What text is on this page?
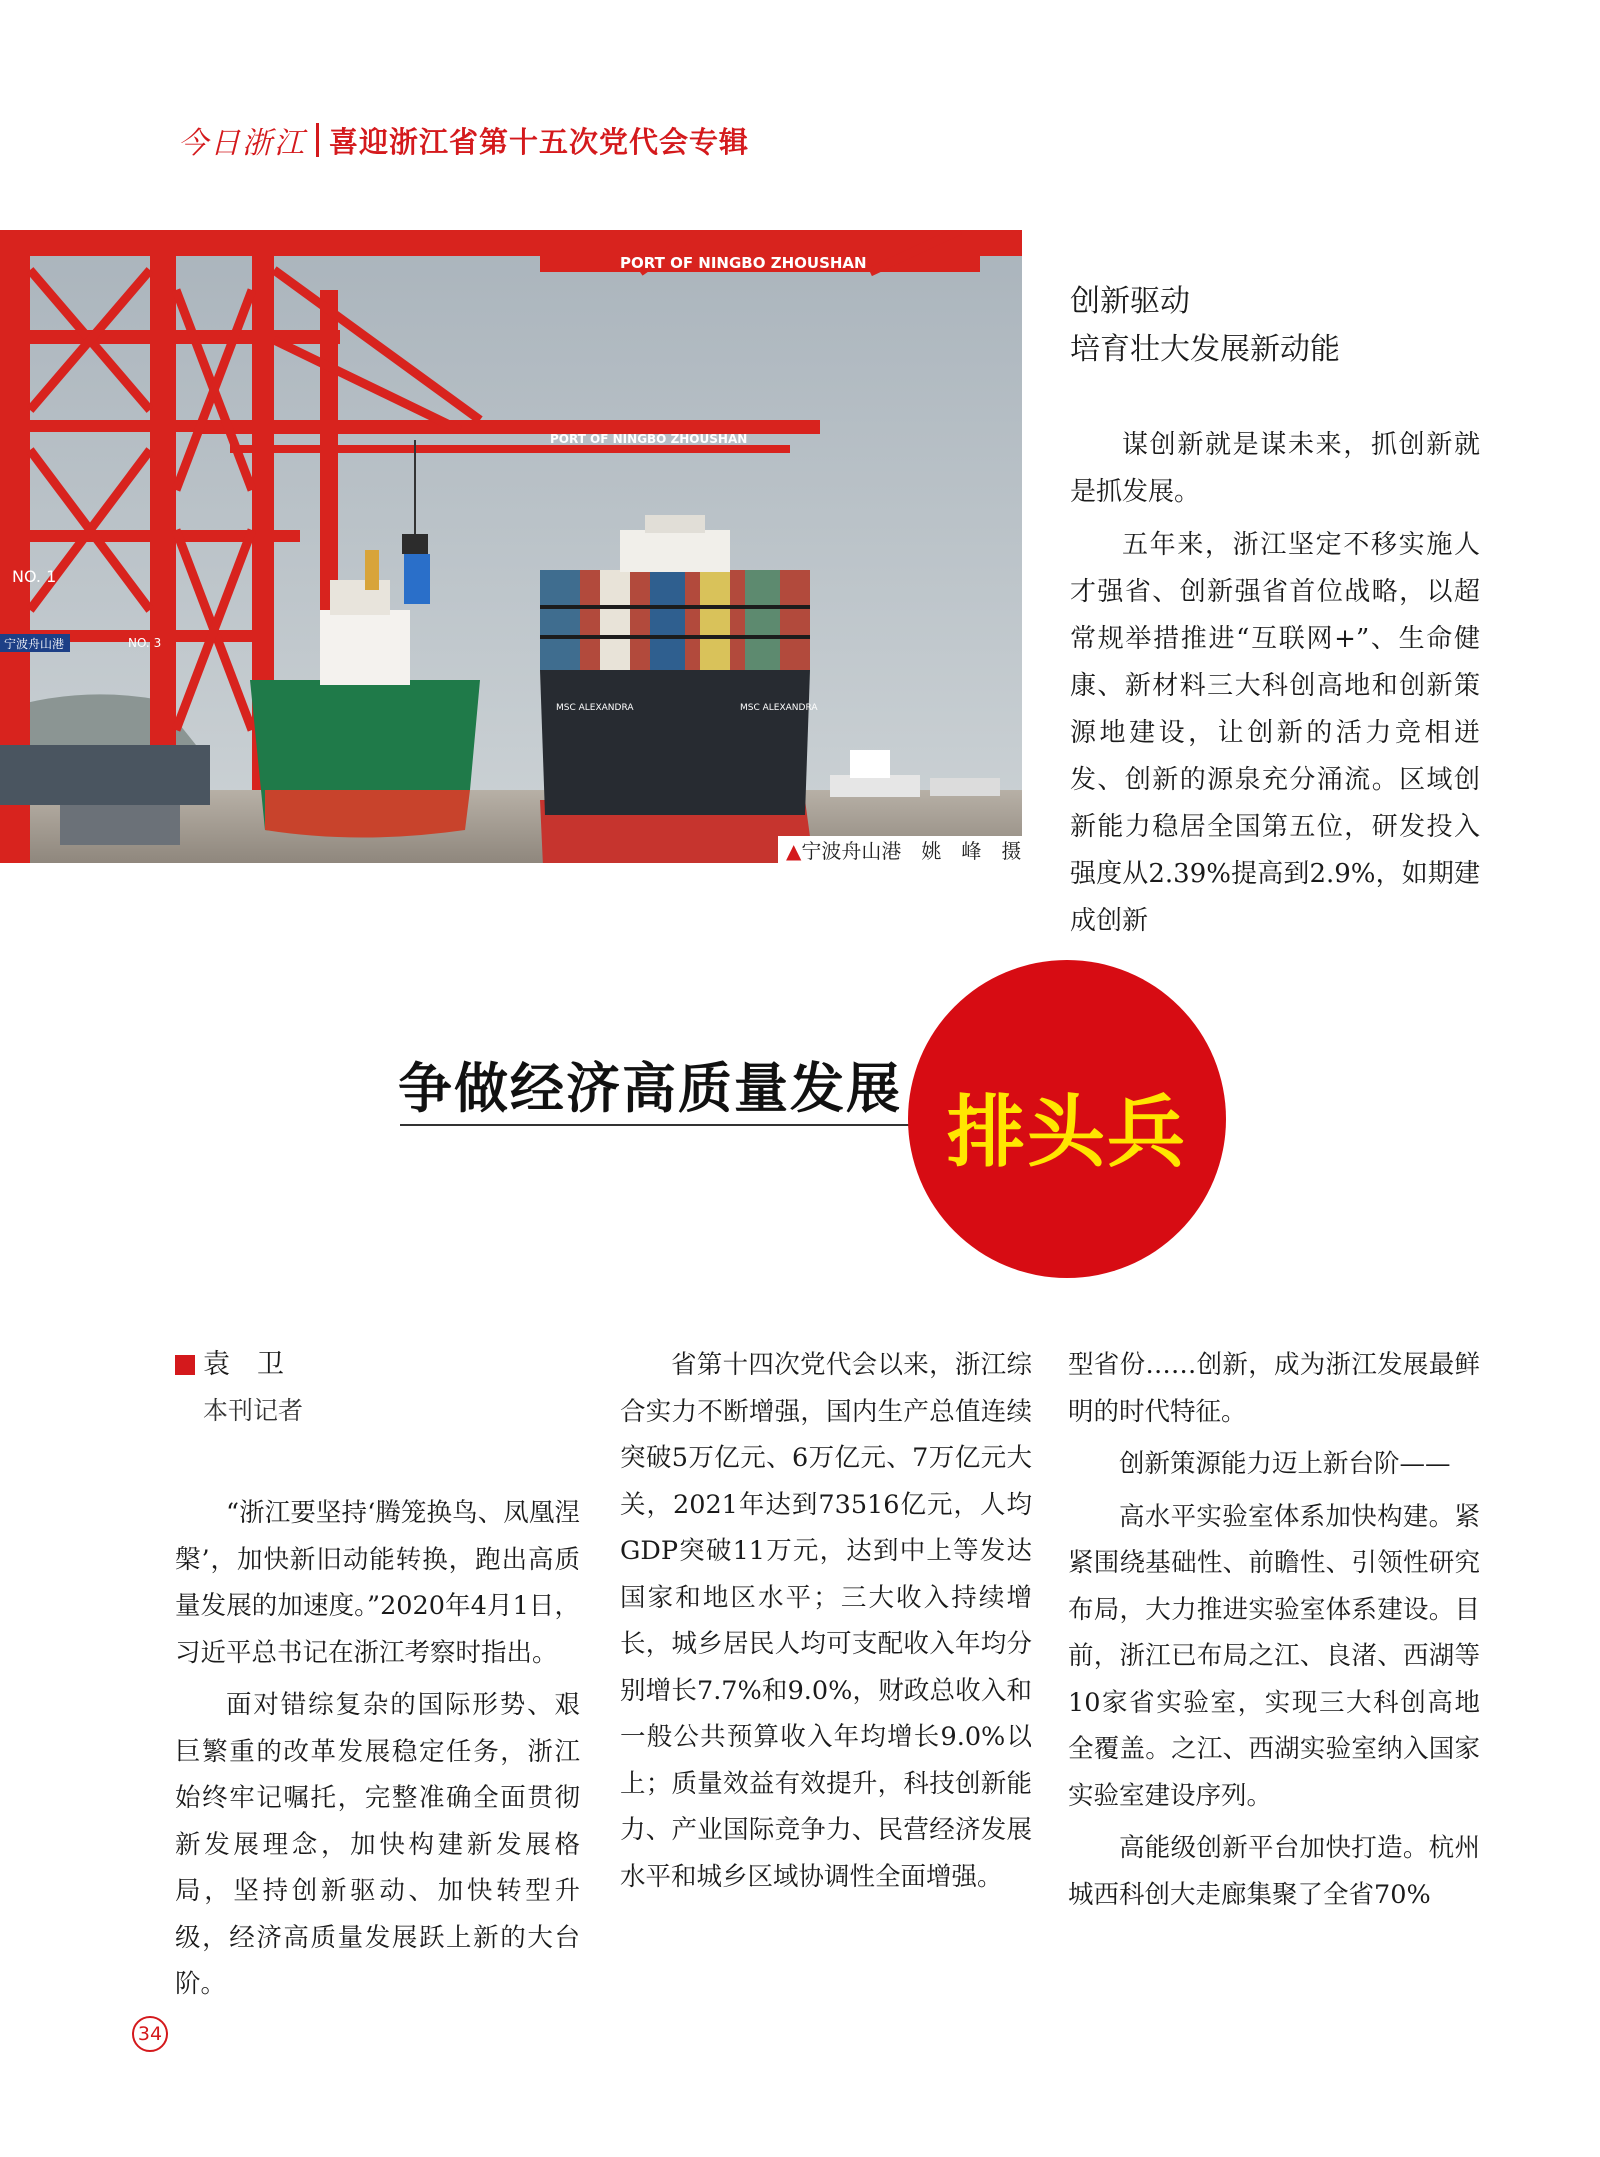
今日浙江 喜迎浙江省第十五次党代会专辑
PORT OF NINGBO ZHOUSHAN
PORT OF NINGBO ZHOUSHAN
NO. 1
NO. 3
宁波舟山港
MSC ALEXANDRA	MSC ALEXANDRA
▲宁波舟山港　姚　峰　摄
创新驱动
培育壮大发展新动能

谋创新就是谋未来，抓创新就是抓发展。

五年来，浙江坚定不移实施人才强省、创新强省首位战略，以超常规举措推进“互联网+”、生命健康、新材料三大科创高地和创新策源地建设，让创新的活力竞相迸发、创新的源泉充分涌流。区域创新能力稳居全国第五位，研发投入强度从2.39%提高到2.9%，如期建成创新

争做经济高质量发展 排头兵
袁　卫
本刊记者

“浙江要坚持‘腾笼换鸟、凤凰涅槃’，加快新旧动能转换，跑出高质量发展的加速度。”2020年4月1日，习近平总书记在浙江考察时指出。

面对错综复杂的国际形势、艰巨繁重的改革发展稳定任务，浙江始终牢记嘱托，完整准确全面贯彻新发展理念，加快构建新发展格局，坚持创新驱动、加快转型升级，经济高质量发展跃上新的大台阶。

省第十四次党代会以来，浙江综合实力不断增强，国内生产总值连续突破5万亿元、6万亿元、7万亿元大关，2021年达到73516亿元，人均GDP突破11万元，达到中上等发达国家和地区水平；三大收入持续增长，城乡居民人均可支配收入年均分别增长7.7%和9.0%，财政总收入和一般公共预算收入年均增长9.0%以上；质量效益有效提升，科技创新能力、产业国际竞争力、民营经济发展水平和城乡区域协调性全面增强。

型省份……创新，成为浙江发展最鲜明的时代特征。

创新策源能力迈上新台阶——

高水平实验室体系加快构建。紧紧围绕基础性、前瞻性、引领性研究布局，大力推进实验室体系建设。目前，浙江已布局之江、良渚、西湖等10家省实验室，实现三大科创高地全覆盖。之江、西湖实验室纳入国家实验室建设序列。

高能级创新平台加快打造。杭州城西科创大走廊集聚了全省70%

34
